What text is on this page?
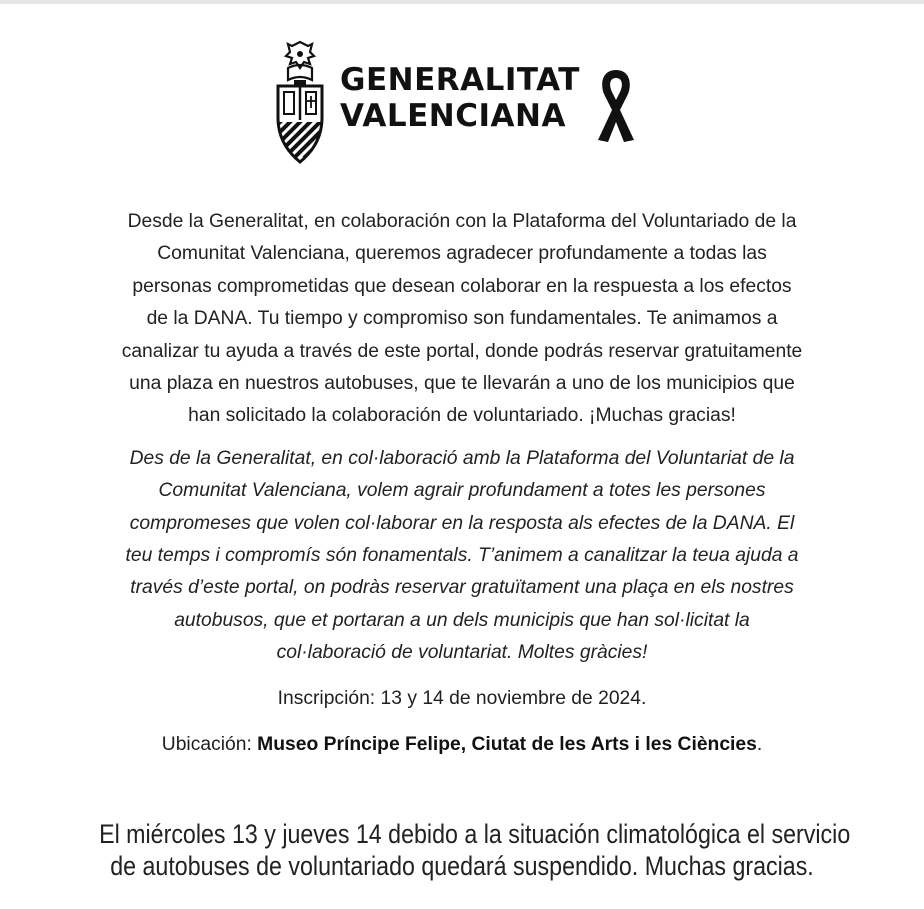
GENERALITAT
VALENCIANA

Desde la Generalitat, en colaboración con la Plataforma del Voluntariado de la
Comunitat Valenciana, queremos agradecer profundamente a todas las
personas comprometidas que desean colaborar en la respuesta a los efectos
de la DANA. Tu tiempo y compromiso son fundamentales. Te animamos a
canalizar tu ayuda a través de este portal, donde podrás reservar gratuitamente
una plaza en nuestros autobuses, que te llevarán a uno de los municipios que
han solicitado la colaboración de voluntariado. ¡Muchas gracias!

Des de la Generalitat, en col·laboració amb la Plataforma del Voluntariat de la
Comunitat Valenciana, volem agrair profundament a totes les persones
compromeses que volen col·laborar en la resposta als efectes de la DANA. El
teu temps i compromís són fonamentals. T’animem a canalitzar la teua ajuda a
través d’este portal, on podràs reservar gratuïtament una plaça en els nostres
autobusos, que et portaran a un dels municipis que han sol·licitat la
col·laboració de voluntariat. Moltes gràcies!

Inscripción: 13 y 14 de noviembre de 2024.

Ubicación: Museo Príncipe Felipe, Ciutat de les Arts i les Ciències.

El miércoles 13 y jueves 14 debido a la situación climatológica el servicio
de autobuses de voluntariado quedará suspendido. Muchas gracias.
